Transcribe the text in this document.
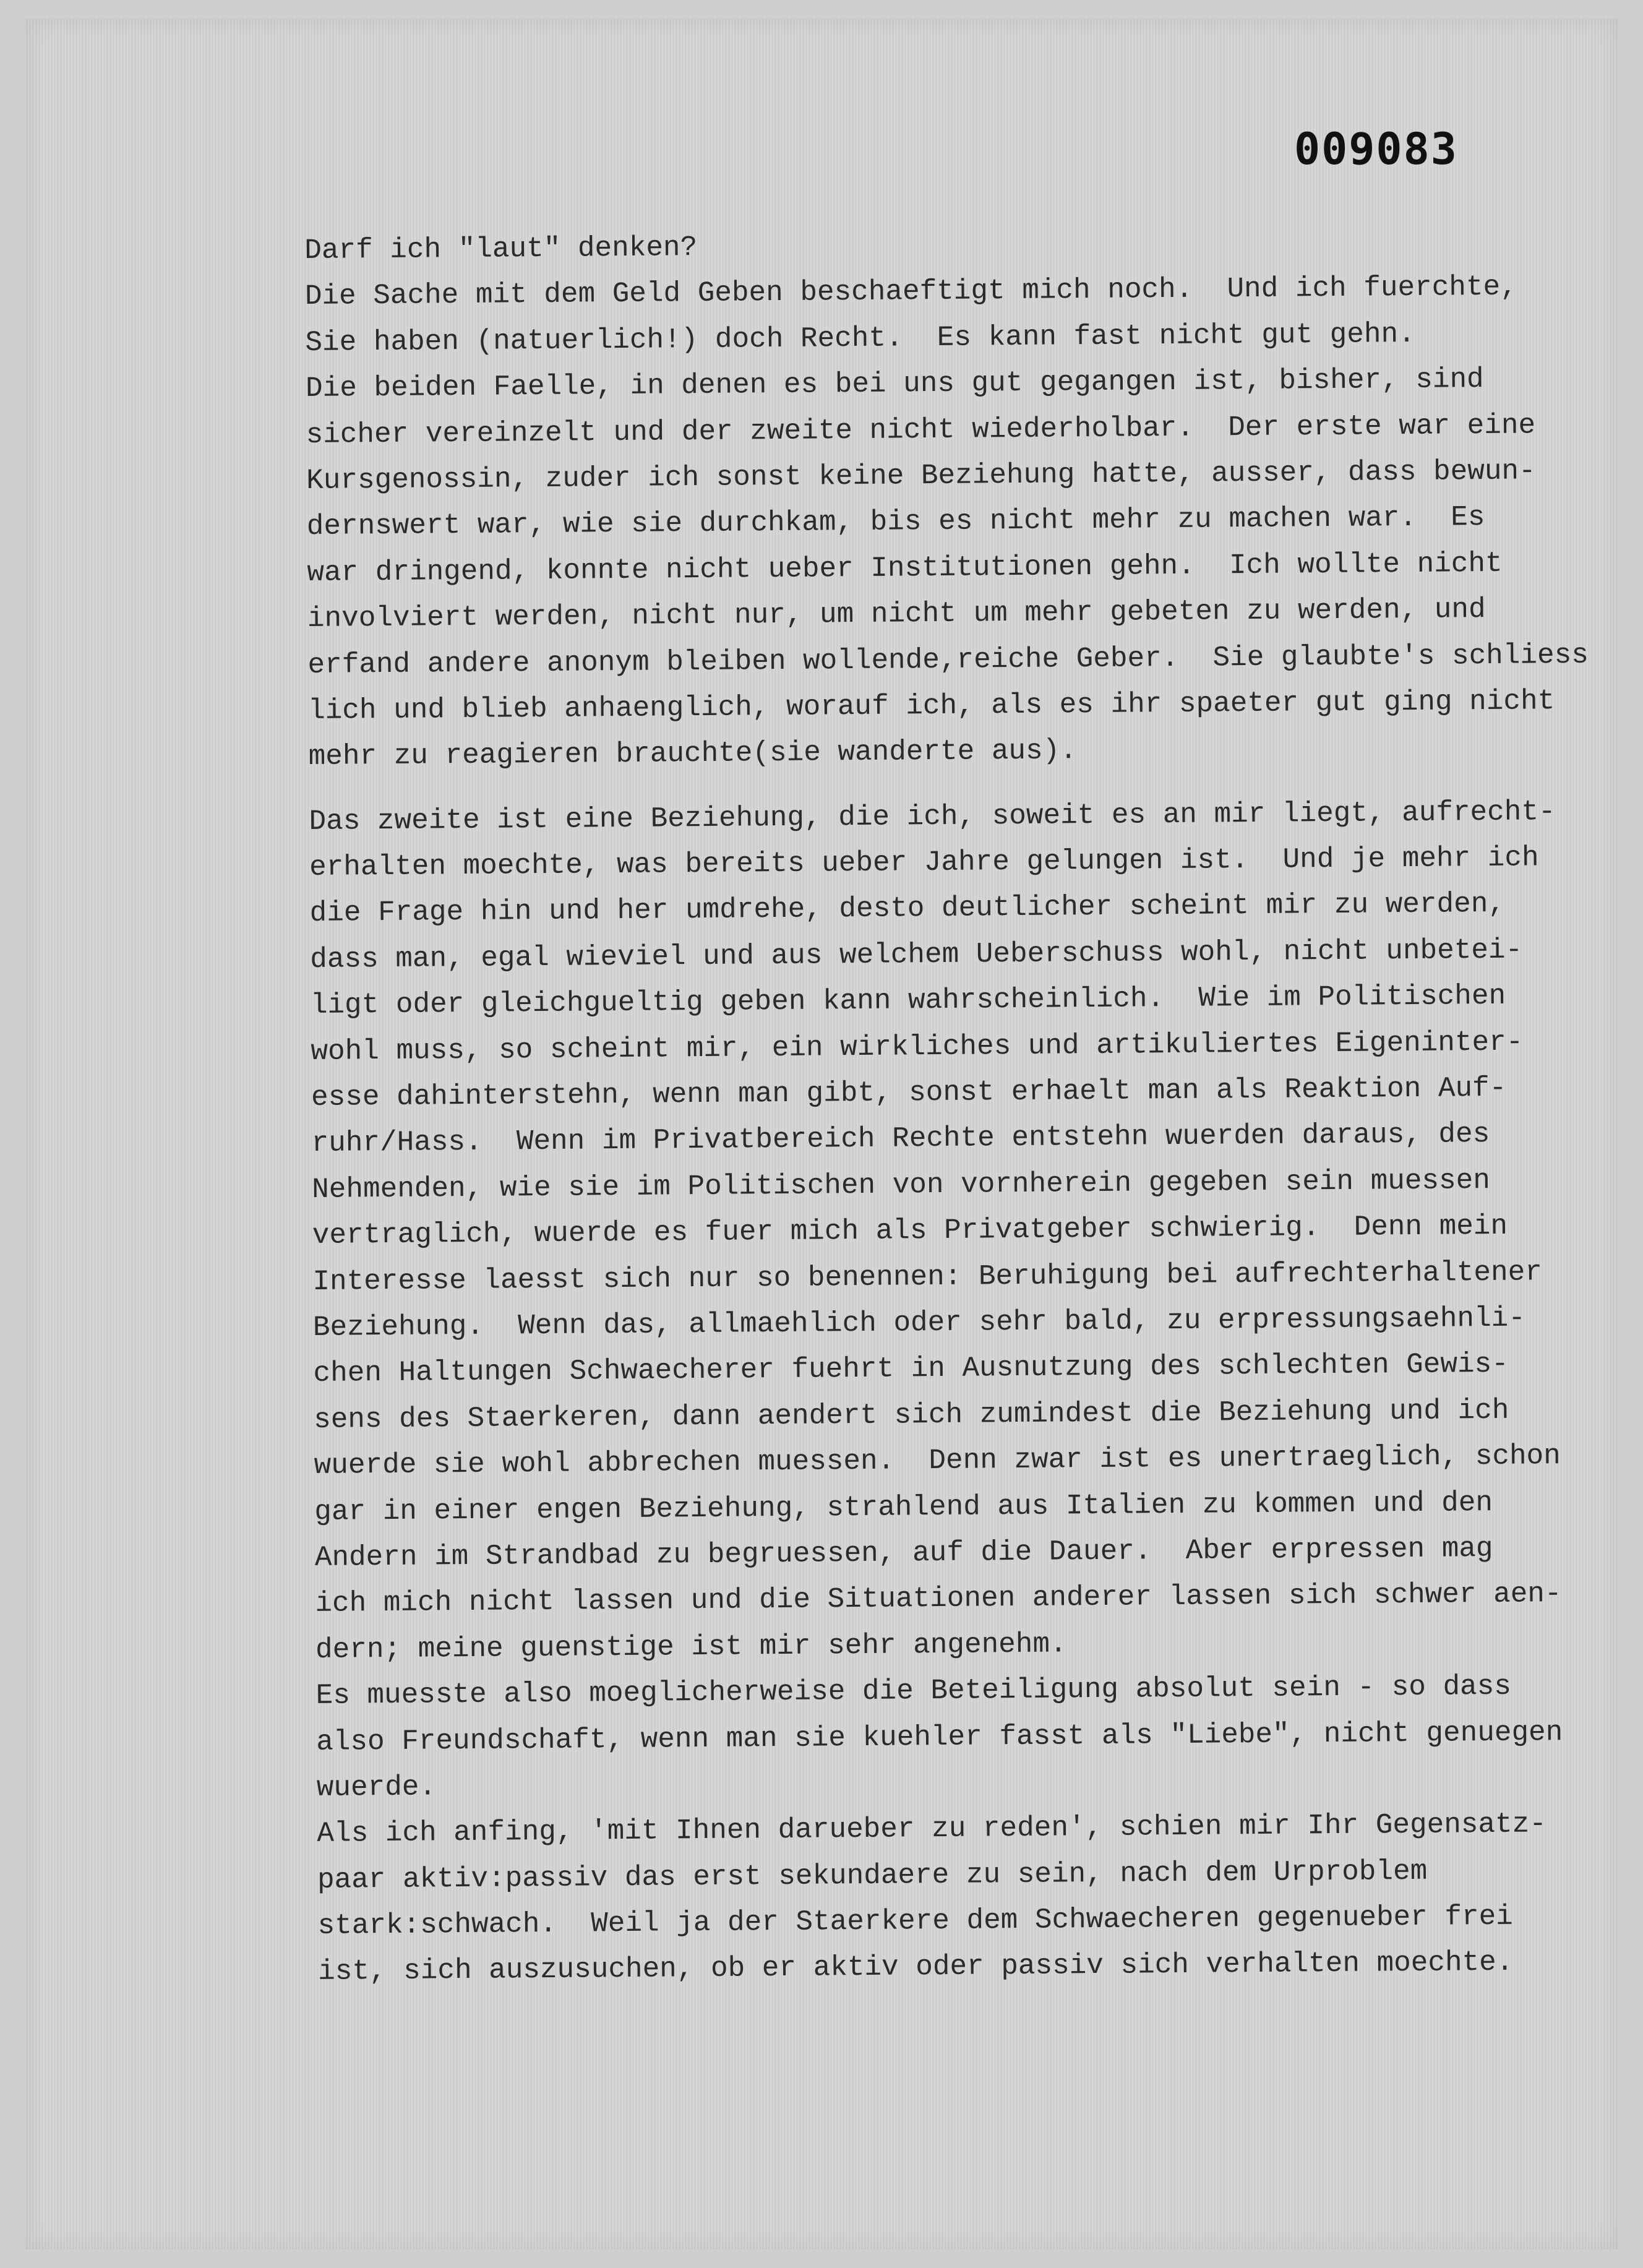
009083
Darf ich "laut" denken?
Die Sache mit dem Geld Geben beschaeftigt mich noch.  Und ich fuerchte,
Sie haben (natuerlich!) doch Recht.  Es kann fast nicht gut gehn.
Die beiden Faelle, in denen es bei uns gut gegangen ist, bisher, sind
sicher vereinzelt und der zweite nicht wiederholbar.  Der erste war eine
Kursgenossin, zuder ich sonst keine Beziehung hatte, ausser, dass bewun-
dernswert war, wie sie durchkam, bis es nicht mehr zu machen war.  Es
war dringend, konnte nicht ueber Institutionen gehn.  Ich wollte nicht
involviert werden, nicht nur, um nicht um mehr gebeten zu werden, und
erfand andere anonym bleiben wollende,reiche Geber.  Sie glaubte's schliess
lich und blieb anhaenglich, worauf ich, als es ihr spaeter gut ging nicht
mehr zu reagieren brauchte(sie wanderte aus).
Das zweite ist eine Beziehung, die ich, soweit es an mir liegt, aufrecht-
erhalten moechte, was bereits ueber Jahre gelungen ist.  Und je mehr ich
die Frage hin und her umdrehe, desto deutlicher scheint mir zu werden,
dass man, egal wieviel und aus welchem Ueberschuss wohl, nicht unbetei-
ligt oder gleichgueltig geben kann wahrscheinlich.  Wie im Politischen
wohl muss, so scheint mir, ein wirkliches und artikuliertes Eigeninter-
esse dahinterstehn, wenn man gibt, sonst erhaelt man als Reaktion Auf-
ruhr/Hass.  Wenn im Privatbereich Rechte entstehn wuerden daraus, des
Nehmenden, wie sie im Politischen von vornherein gegeben sein muessen
vertraglich, wuerde es fuer mich als Privatgeber schwierig.  Denn mein
Interesse laesst sich nur so benennen: Beruhigung bei aufrechterhaltener
Beziehung.  Wenn das, allmaehlich oder sehr bald, zu erpressungsaehnli-
chen Haltungen Schwaecherer fuehrt in Ausnutzung des schlechten Gewis-
sens des Staerkeren, dann aendert sich zumindest die Beziehung und ich
wuerde sie wohl abbrechen muessen.  Denn zwar ist es unertraeglich, schon
gar in einer engen Beziehung, strahlend aus Italien zu kommen und den
Andern im Strandbad zu begruessen, auf die Dauer.  Aber erpressen mag
ich mich nicht lassen und die Situationen anderer lassen sich schwer aen-
dern; meine guenstige ist mir sehr angenehm.
Es muesste also moeglicherweise die Beteiligung absolut sein - so dass
also Freundschaft, wenn man sie kuehler fasst als "Liebe", nicht genuegen
wuerde.
Als ich anfing, 'mit Ihnen darueber zu reden', schien mir Ihr Gegensatz-
paar aktiv:passiv das erst sekundaere zu sein, nach dem Urproblem
stark:schwach.  Weil ja der Staerkere dem Schwaecheren gegenueber frei
ist, sich auszusuchen, ob er aktiv oder passiv sich verhalten moechte.
